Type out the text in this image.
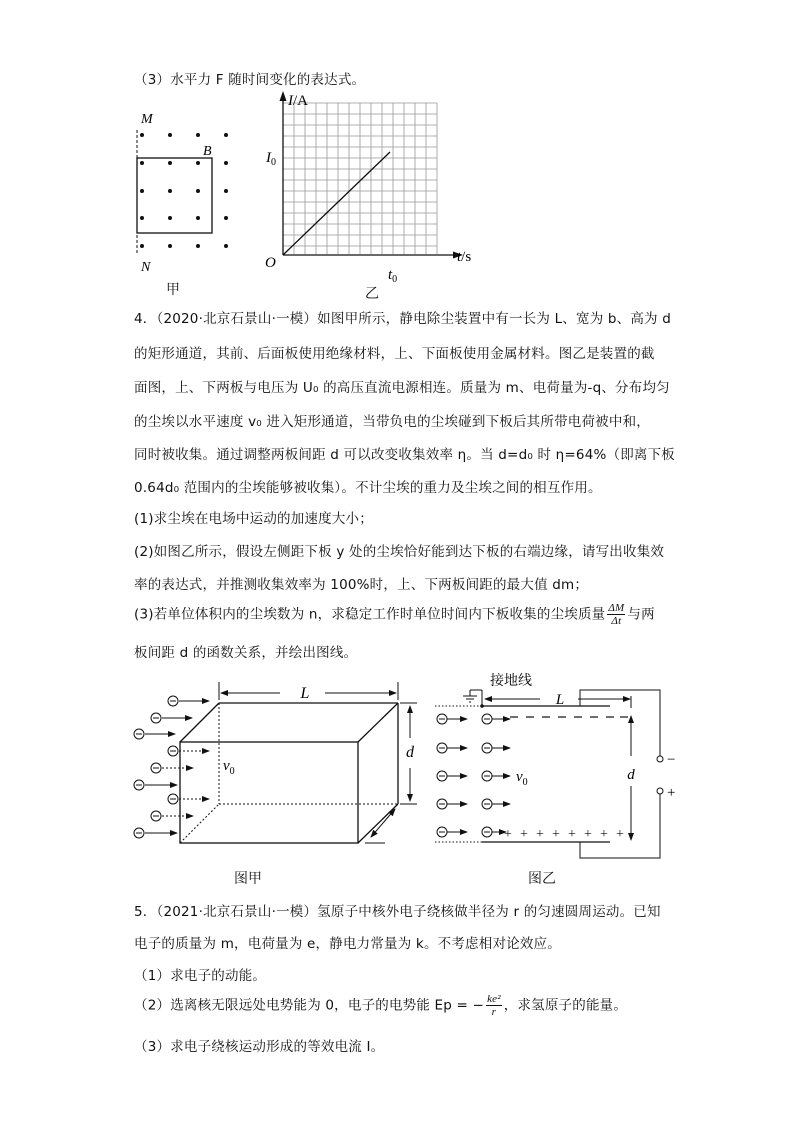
（3）水平力 F 随时间变化的表达式。
M
B
N
甲
I/A
t/s
O
$I_0$
$t_0$
乙
4．（2020·北京石景山·一模）如图甲所示，静电除尘装置中有一长为 L、宽为 b、高为 d
的矩形通道，其前、后面板使用绝缘材料，上、下面板使用金属材料。图乙是装置的截
面图，上、下两板与电压为 U₀ 的高压直流电源相连。质量为 m、电荷量为-q、分布均匀
的尘埃以水平速度 v₀ 进入矩形通道，当带负电的尘埃碰到下板后其所带电荷被中和，
同时被收集。通过调整两板间距 d 可以改变收集效率 η。当 d=d₀ 时 η=64%（即离下板
0.64d₀ 范围内的尘埃能够被收集）。不计尘埃的重力及尘埃之间的相互作用。
(1)求尘埃在电场中运动的加速度大小；
(2)如图乙所示，假设左侧距下板 y 处的尘埃恰好能到达下板的右端边缘，请写出收集效
率的表达式，并推测收集效率为 100%时，上、下两板间距的最大值 dm；
(3)若单位体积内的尘埃数为 n，求稳定工作时单位时间内下板收集的尘埃质量 $\frac{\Delta M}{\Delta t}$ 与两
板间距 d 的函数关系，并绘出图线。
L
d
$v_0$
图甲
接地线
−
+
L
d
+ + + + + + + +
$v_0$
图乙
5．（2021·北京石景山·一模）氢原子中核外电子绕核做半径为 r 的匀速圆周运动。已知
电子的质量为 m，电荷量为 e，静电力常量为 k。不考虑相对论效应。
（1）求电子的动能。
（2）选离核无限远处电势能为 0，电子的电势能 Ep = − $\frac{\text{ke²}}{r}$ ，求氢原子的能量。
（3）求电子绕核运动形成的等效电流 I。
